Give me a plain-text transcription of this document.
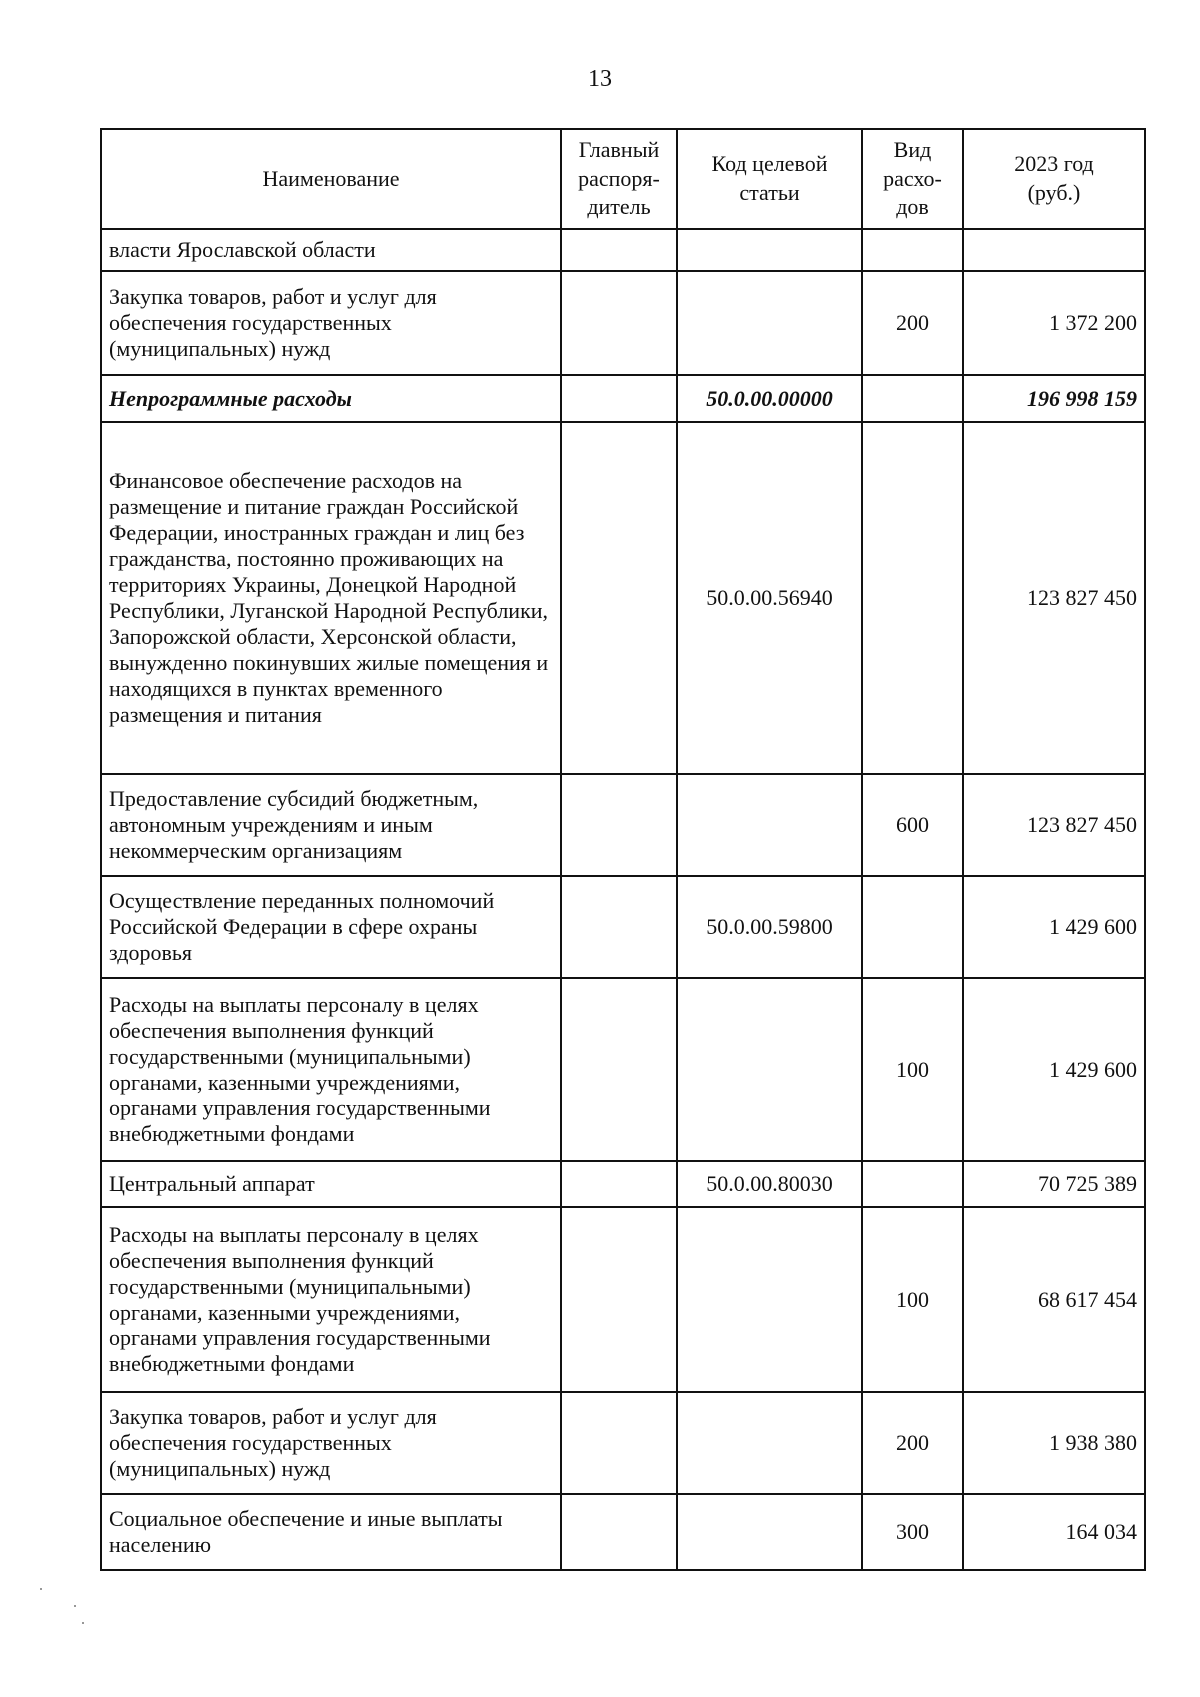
13
Наименование	Главный распоря-дитель	Код целевой статьи	Вид расхо-дов	2023 год (руб.)
власти Ярославской области				
Закупка товаров, работ и услуг для обеспечения государственных (муниципальных) нужд			200	1 372 200
Непрограммные расходы		50.0.00.00000		196 998 159
Финансовое обеспечение расходов на размещение и питание граждан Российской Федерации, иностранных граждан и лиц без гражданства, постоянно проживающих на территориях Украины, Донецкой Народной Республики, Луганской Народной Республики, Запорожской области, Херсонской области, вынужденно покинувших жилые помещения и находящихся в пунктах временного размещения и питания		50.0.00.56940		123 827 450
Предоставление субсидий бюджетным, автономным учреждениям и иным некоммерческим организациям			600	123 827 450
Осуществление переданных полномочий Российской Федерации в сфере охраны здоровья		50.0.00.59800		1 429 600
Расходы на выплаты персоналу в целях обеспечения выполнения функций государственными (муниципальными) органами, казенными учреждениями, органами управления государственными внебюджетными фондами			100	1 429 600
Центральный аппарат		50.0.00.80030		70 725 389
Расходы на выплаты персоналу в целях обеспечения выполнения функций государственными (муниципальными) органами, казенными учреждениями, органами управления государственными внебюджетными фондами			100	68 617 454
Закупка товаров, работ и услуг для обеспечения государственных (муниципальных) нужд			200	1 938 380
Социальное обеспечение и иные выплаты населению			300	164 034
